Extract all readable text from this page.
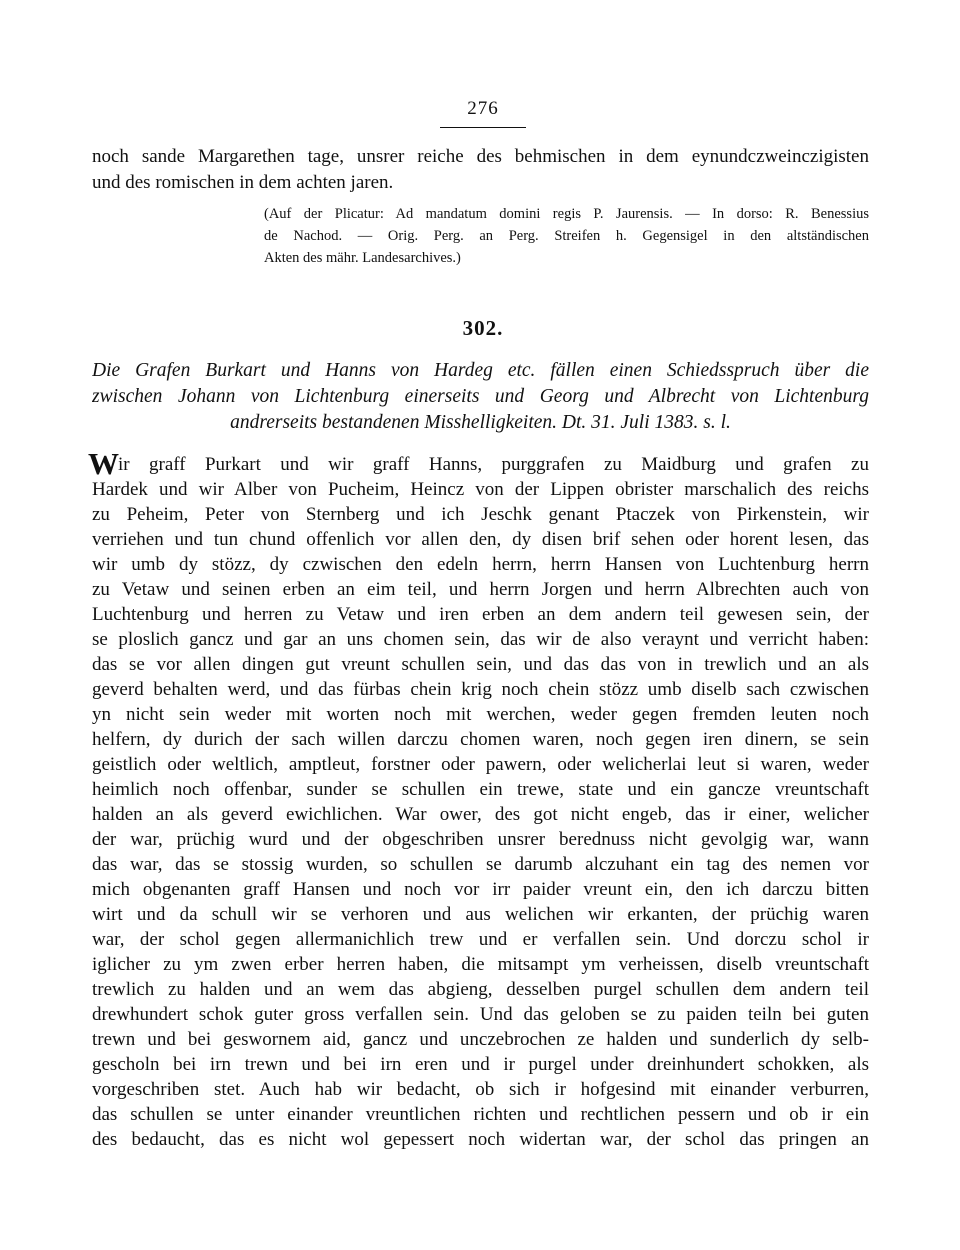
276
noch sande Margarethen tage, unsrer reiche des behmischen in dem eynundczweinczigisten
und des romischen in dem achten jaren.
(Auf der Plicatur: Ad mandatum domini regis P. Jaurensis. — In dorso: R. Benessius
de Nachod. — Orig. Perg. an Perg. Streifen h. Gegensigel in den altständischen
Akten des mähr. Landesarchives.)
302.
Die Grafen Burkart und Hanns von Hardeg etc. fällen einen Schiedsspruch über die
zwischen Johann von Lichtenburg einerseits und Georg und Albrecht von Lichtenburg
andrerseits bestandenen Misshelligkeiten. Dt. 31. Juli 1383. s. l.
W ir graff Purkart und wir graff Hanns, purggrafen zu Maidburg und grafen zu
Hardek und wir Alber von Pucheim, Heincz von der Lippen obrister marschalich des reichs
zu Peheim, Peter von Sternberg und ich Jeschk genant Ptaczek von Pirkenstein, wir
verriehen und tun chund offenlich vor allen den, dy disen brif sehen oder horent lesen, das
wir umb dy stözz, dy czwischen den edeln herrn, herrn Hansen von Luchtenburg herrn
zu Vetaw und seinen erben an eim teil, und herrn Jorgen und herrn Albrechten auch von
Luchtenburg und herren zu Vetaw und iren erben an dem andern teil gewesen sein, der
se ploslich gancz und gar an uns chomen sein, das wir de also veraynt und verricht haben:
das se vor allen dingen gut vreunt schullen sein, und das das von in trewlich und an als
geverd behalten werd, und das fürbas chein krig noch chein stözz umb diselb sach czwischen
yn nicht sein weder mit worten noch mit werchen, weder gegen fremden leuten noch
helfern, dy durich der sach willen darczu chomen waren, noch gegen iren dinern, se sein
geistlich oder weltlich, amptleut, forstner oder pawern, oder welicherlai leut si waren, weder
heimlich noch offenbar, sunder se schullen ein trewe, state und ein gancze vreuntschaft
halden an als geverd ewichlichen. War ower, des got nicht engeb, das ir einer, welicher
der war, prüchig wurd und der obgeschriben unsrer berednuss nicht gevolgig war, wann
das war, das se stossig wurden, so schullen se darumb alczuhant ein tag des nemen vor
mich obgenanten graff Hansen und noch vor irr paider vreunt ein, den ich darczu bitten
wirt und da schull wir se verhoren und aus welichen wir erkanten, der prüchig waren
war, der schol gegen allermanichlich trew und er verfallen sein. Und dorczu schol ir
iglicher zu ym zwen erber herren haben, die mitsampt ym verheissen, diselb vreuntschaft
trewlich zu halden und an wem das abgieng, desselben purgel schullen dem andern teil
drewhundert schok guter gross verfallen sein. Und das geloben se zu paiden teiln bei guten
trewn und bei geswornem aid, gancz und unczebrochen ze halden und sunderlich dy selb-
gescholn bei irn trewn und bei irn eren und ir purgel under dreinhundert schokken, als
vorgeschriben stet. Auch hab wir bedacht, ob sich ir hofgesind mit einander verburren,
das schullen se unter einander vreuntlichen richten und rechtlichen pessern und ob ir ein
des bedaucht, das es nicht wol gepessert noch widertan war, der schol das pringen an
